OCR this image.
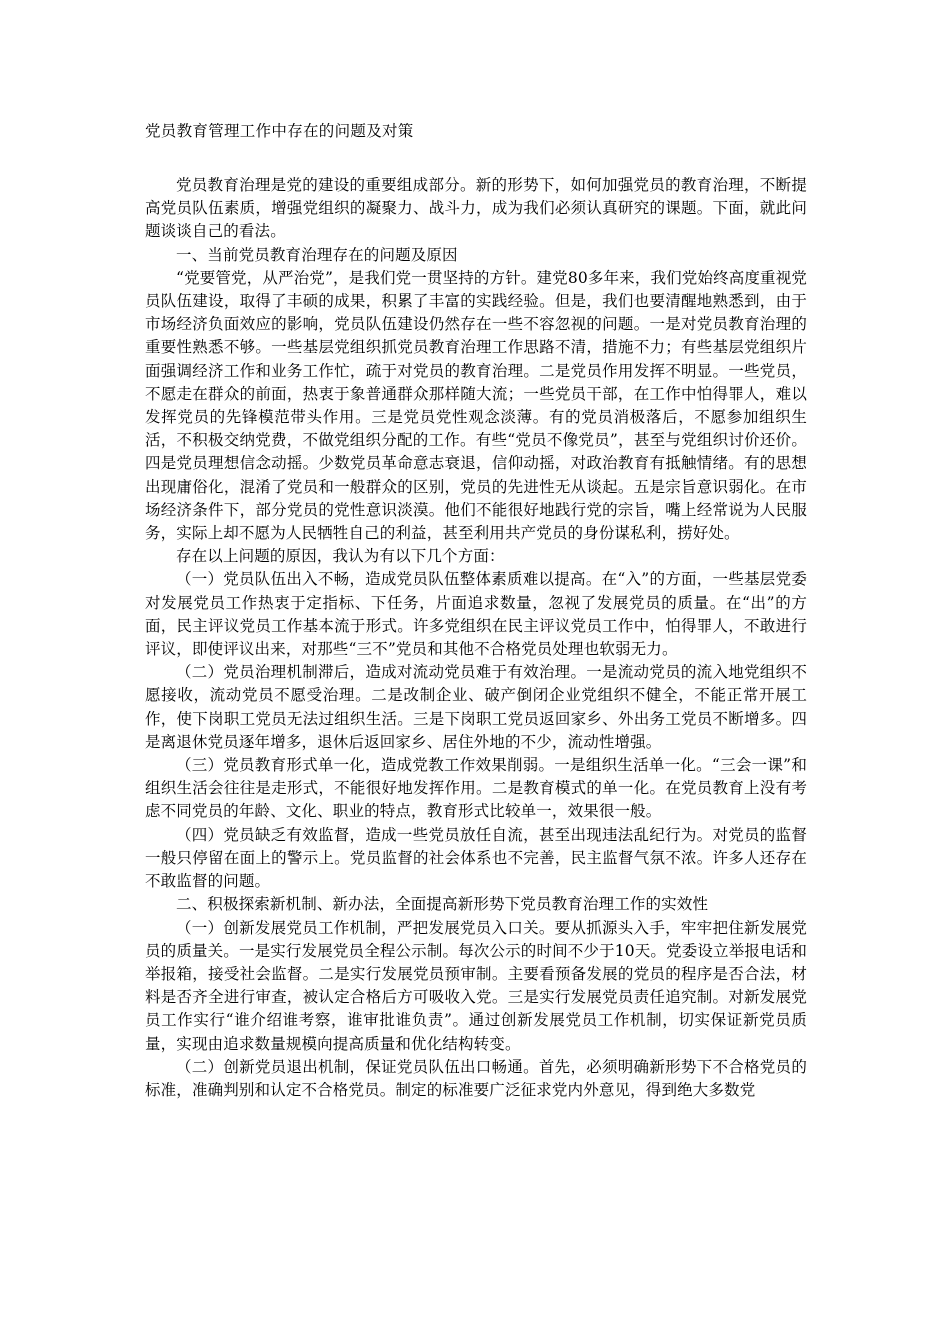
党员教育管理工作中存在的问题及对策

党员教育治理是党的建设的重要组成部分。新的形势下，如何加强党员的教育治理，不断提高党员队伍素质，增强党组织的凝聚力、战斗力，成为我们必须认真研究的课题。下面，就此问题谈谈自己的看法。

一、当前党员教育治理存在的问题及原因

“党要管党，从严治党”，是我们党一贯坚持的方针。建党80多年来，我们党始终高度重视党员队伍建设，取得了丰硕的成果，积累了丰富的实践经验。但是，我们也要清醒地熟悉到，由于市场经济负面效应的影响，党员队伍建设仍然存在一些不容忽视的问题。一是对党员教育治理的重要性熟悉不够。一些基层党组织抓党员教育治理工作思路不清，措施不力；有些基层党组织片面强调经济工作和业务工作忙，疏于对党员的教育治理。二是党员作用发挥不明显。一些党员，不愿走在群众的前面，热衷于象普通群众那样随大流；一些党员干部，在工作中怕得罪人，难以发挥党员的先锋模范带头作用。三是党员党性观念淡薄。有的党员消极落后，不愿参加组织生活，不积极交纳党费，不做党组织分配的工作。有些“党员不像党员”，甚至与党组织讨价还价。四是党员理想信念动摇。少数党员革命意志衰退，信仰动摇，对政治教育有抵触情绪。有的思想出现庸俗化，混淆了党员和一般群众的区别，党员的先进性无从谈起。五是宗旨意识弱化。在市场经济条件下，部分党员的党性意识淡漠。他们不能很好地践行党的宗旨，嘴上经常说为人民服务，实际上却不愿为人民牺牲自己的利益，甚至利用共产党员的身份谋私利，捞好处。

存在以上问题的原因，我认为有以下几个方面：

（一）党员队伍出入不畅，造成党员队伍整体素质难以提高。在“入”的方面，一些基层党委对发展党员工作热衷于定指标、下任务，片面追求数量，忽视了发展党员的质量。在“出”的方面，民主评议党员工作基本流于形式。许多党组织在民主评议党员工作中，怕得罪人，不敢进行评议，即使评议出来，对那些“三不”党员和其他不合格党员处理也软弱无力。

（二）党员治理机制滞后，造成对流动党员难于有效治理。一是流动党员的流入地党组织不愿接收，流动党员不愿受治理。二是改制企业、破产倒闭企业党组织不健全，不能正常开展工作，使下岗职工党员无法过组织生活。三是下岗职工党员返回家乡、外出务工党员不断增多。四是离退休党员逐年增多，退休后返回家乡、居住外地的不少，流动性增强。

（三）党员教育形式单一化，造成党教工作效果削弱。一是组织生活单一化。“三会一课”和组织生活会往往是走形式，不能很好地发挥作用。二是教育模式的单一化。在党员教育上没有考虑不同党员的年龄、文化、职业的特点，教育形式比较单一，效果很一般。

（四）党员缺乏有效监督，造成一些党员放任自流，甚至出现违法乱纪行为。对党员的监督一般只停留在面上的警示上。党员监督的社会体系也不完善，民主监督气氛不浓。许多人还存在不敢监督的问题。

二、积极探索新机制、新办法，全面提高新形势下党员教育治理工作的实效性

（一）创新发展党员工作机制，严把发展党员入口关。要从抓源头入手，牢牢把住新发展党员的质量关。一是实行发展党员全程公示制。每次公示的时间不少于10天。党委设立举报电话和举报箱，接受社会监督。二是实行发展党员预审制。主要看预备发展的党员的程序是否合法，材料是否齐全进行审查，被认定合格后方可吸收入党。三是实行发展党员责任追究制。对新发展党员工作实行“谁介绍谁考察，谁审批谁负责”。通过创新发展党员工作机制，切实保证新党员质量，实现由追求数量规模向提高质量和优化结构转变。

（二）创新党员退出机制，保证党员队伍出口畅通。首先，必须明确新形势下不合格党员的标准，准确判别和认定不合格党员。制定的标准要广泛征求党内外意见，得到绝大多数党
